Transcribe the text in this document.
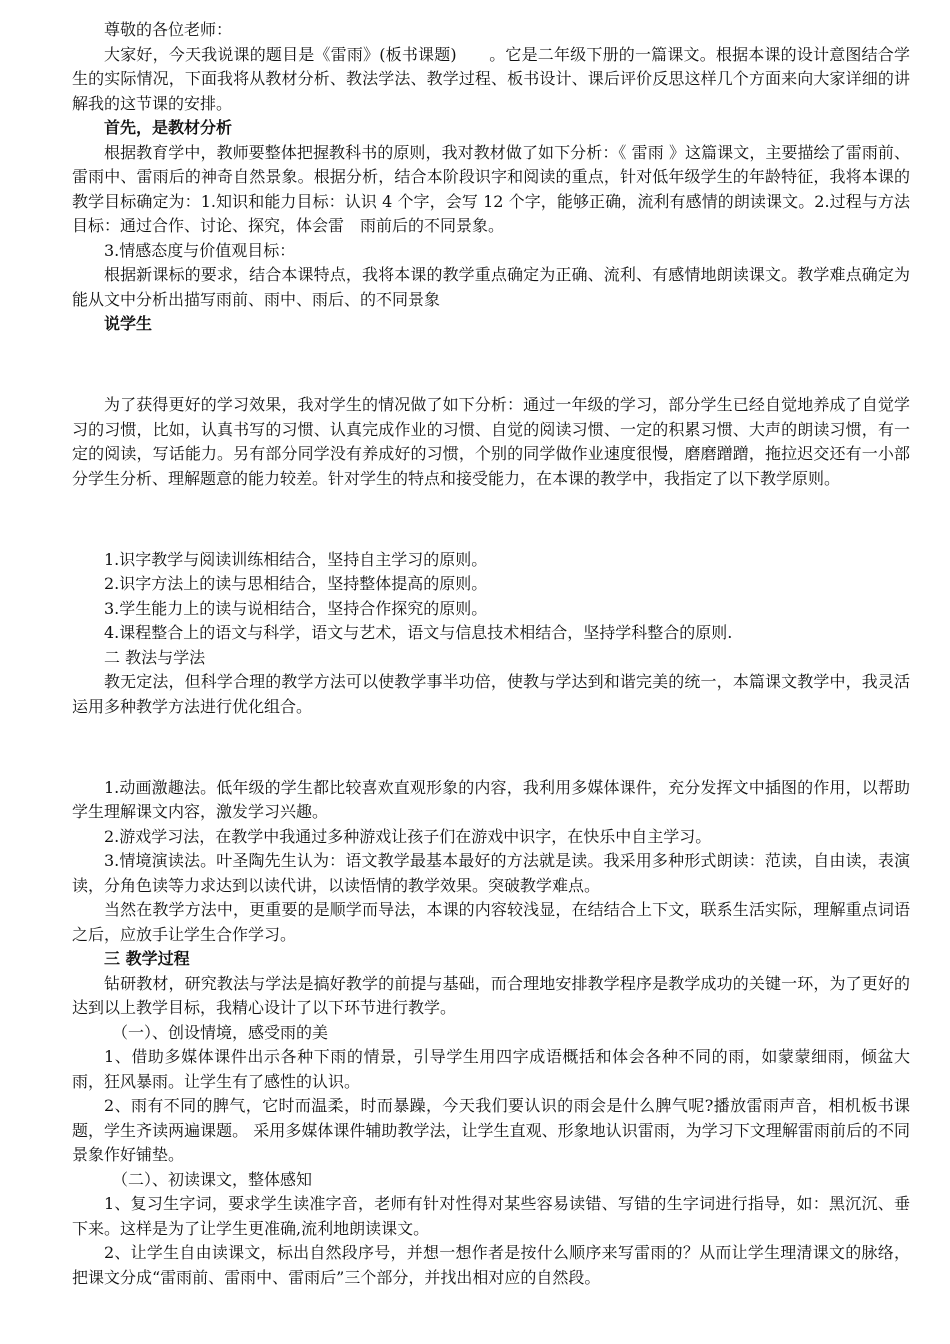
尊敬的各位老师：

大家好，今天我说课的题目是《雷雨》(板书课题)　　。它是二年级下册的一篇课文。根据本课的设计意图结合学生的实际情况，下面我将从教材分析、教法学法、教学过程、板书设计、课后评价反思这样几个方面来向大家详细的讲解我的这节课的安排。

首先，是教材分析

根据教育学中，教师要整体把握教科书的原则，我对教材做了如下分析：《 雷雨 》这篇课文，主要描绘了雷雨前、雷雨中、雷雨后的神奇自然景象。根据分析，结合本阶段识字和阅读的重点，针对低年级学生的年龄特征，我将本课的教学目标确定为：1.知识和能力目标：认识 4 个字，会写 12 个字，能够正确，流利有感情的朗读课文。2.过程与方法目标：通过合作、讨论、探究，体会雷　雨前后的不同景象。

3.情感态度与价值观目标：

根据新课标的要求，结合本课特点，我将本课的教学重点确定为正确、流利、有感情地朗读课文。教学难点确定为能从文中分析出描写雨前、雨中、雨后、的不同景象

说学生

为了获得更好的学习效果，我对学生的情况做了如下分析：通过一年级的学习，部分学生已经自觉地养成了自觉学习的习惯，比如，认真书写的习惯、认真完成作业的习惯、自觉的阅读习惯、一定的积累习惯、大声的朗读习惯，有一定的阅读，写话能力。另有部分同学没有养成好的习惯，个别的同学做作业速度很慢，磨磨蹭蹭，拖拉迟交还有一小部分学生分析、理解题意的能力较差。针对学生的特点和接受能力，在本课的教学中，我指定了以下教学原则。

1.识字教学与阅读训练相结合，坚持自主学习的原则。

2.识字方法上的读与思相结合，坚持整体提高的原则。

3.学生能力上的读与说相结合，坚持合作探究的原则。

4.课程整合上的语文与科学，语文与艺术，语文与信息技术相结合，坚持学科整合的原则.

二 教法与学法

教无定法，但科学合理的教学方法可以使教学事半功倍，使教与学达到和谐完美的统一，本篇课文教学中，我灵活运用多种教学方法进行优化组合。

1.动画激趣法。低年级的学生都比较喜欢直观形象的内容，我利用多媒体课件，充分发挥文中插图的作用，以帮助学生理解课文内容，激发学习兴趣。

2.游戏学习法，在教学中我通过多种游戏让孩子们在游戏中识字，在快乐中自主学习。

3.情境演读法。叶圣陶先生认为：语文教学最基本最好的方法就是读。我采用多种形式朗读：范读，自由读，表演读，分角色读等力求达到以读代讲，以读悟情的教学效果。突破教学难点。

当然在教学方法中，更重要的是顺学而导法，本课的内容较浅显，在结结合上下文，联系生活实际，理解重点词语之后，应放手让学生合作学习。

三 教学过程

钻研教材，研究教法与学法是搞好教学的前提与基础，而合理地安排教学程序是教学成功的关键一环，为了更好的达到以上教学目标，我精心设计了以下环节进行教学。

　（一）、创设情境，感受雨的美

1、借助多媒体课件出示各种下雨的情景，引导学生用四字成语概括和体会各种不同的雨，如蒙蒙细雨，倾盆大雨，狂风暴雨。让学生有了感性的认识。

2、雨有不同的脾气，它时而温柔，时而暴躁，今天我们要认识的雨会是什么脾气呢?播放雷雨声音，相机板书课题，学生齐读两遍课题。 采用多媒体课件辅助教学法，让学生直观、形象地认识雷雨，为学习下文理解雷雨前后的不同景象作好铺垫。

　（二）、初读课文，整体感知

1、复习生字词，要求学生读准字音，老师有针对性得对某些容易读错、写错的生字词进行指导，如：黑沉沉、垂下来。这样是为了让学生更准确,流利地朗读课文。

2、让学生自由读课文，标出自然段序号，并想一想作者是按什么顺序来写雷雨的？从而让学生理清课文的脉络，把课文分成“雷雨前、雷雨中、雷雨后”三个部分，并找出相对应的自然段。
